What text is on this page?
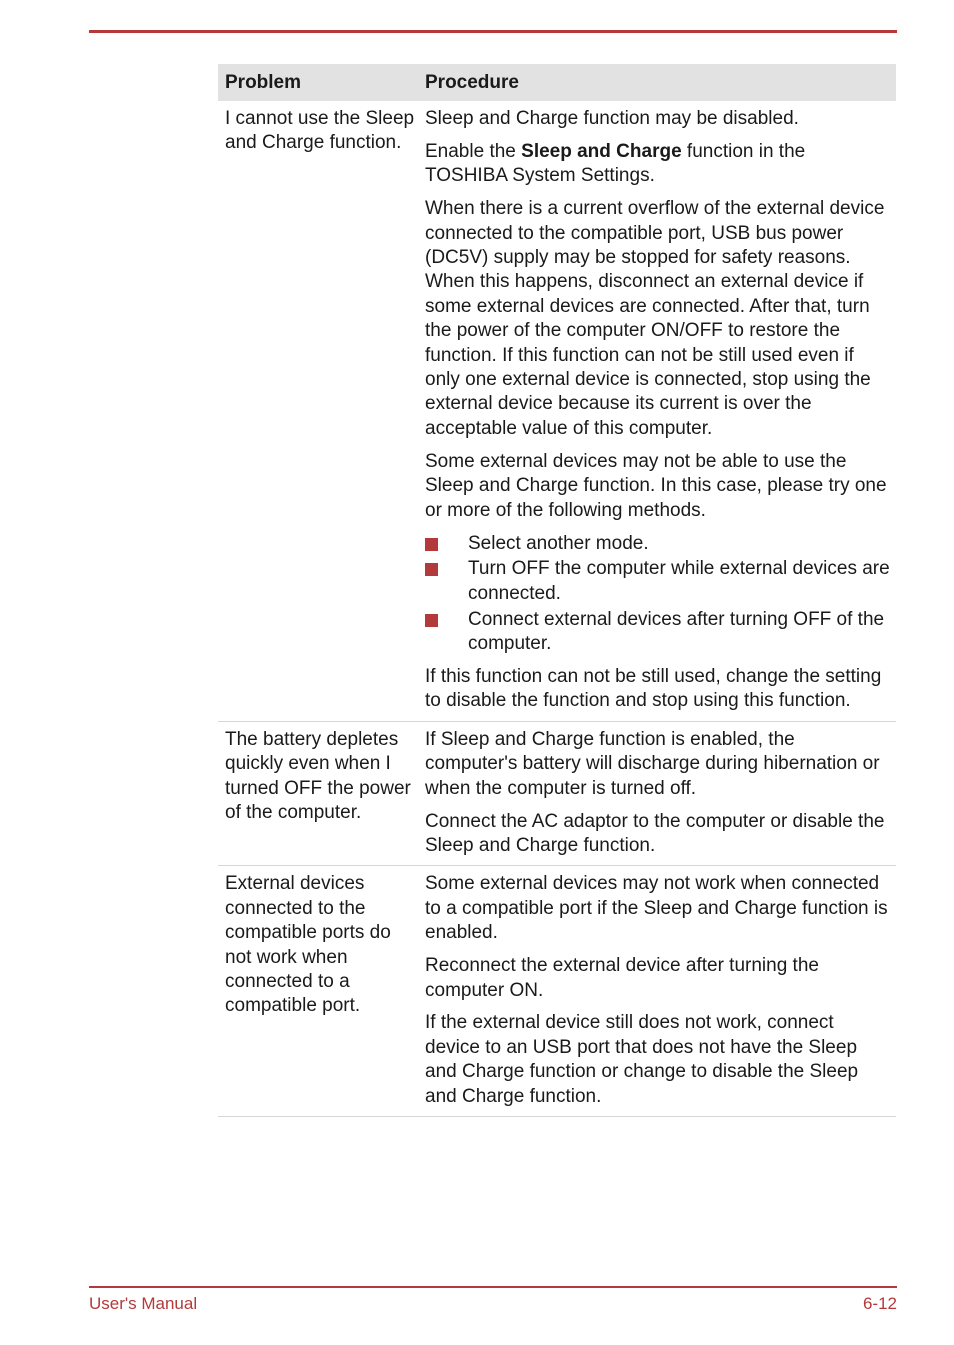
Problem	Procedure
I cannot use the Sleep and Charge function.

Sleep and Charge function may be disabled.

Enable the Sleep and Charge function in the TOSHIBA System Settings.

When there is a current overflow of the external device connected to the compatible port, USB bus power (DC5V) supply may be stopped for safety reasons. When this happens, disconnect an external device if some external devices are connected. After that, turn the power of the computer ON/OFF to restore the function. If this function can not be still used even if only one external device is connected, stop using the external device because its current is over the acceptable value of this computer.

Some external devices may not be able to use the Sleep and Charge function. In this case, please try one or more of the following methods.

Select another mode.
Turn OFF the computer while external devices are connected.
Connect external devices after turning OFF of the computer.

If this function can not be still used, change the setting to disable the function and stop using this function.

The battery depletes quickly even when I turned OFF the power of the computer.

If Sleep and Charge function is enabled, the computer's battery will discharge during hibernation or when the computer is turned off.

Connect the AC adaptor to the computer or disable the Sleep and Charge function.

External devices connected to the compatible ports do not work when connected to a compatible port.

Some external devices may not work when connected to a compatible port if the Sleep and Charge function is enabled.

Reconnect the external device after turning the computer ON.

If the external device still does not work, connect device to an USB port that does not have the Sleep and Charge function or change to disable the Sleep and Charge function.

User's Manual	6-12
